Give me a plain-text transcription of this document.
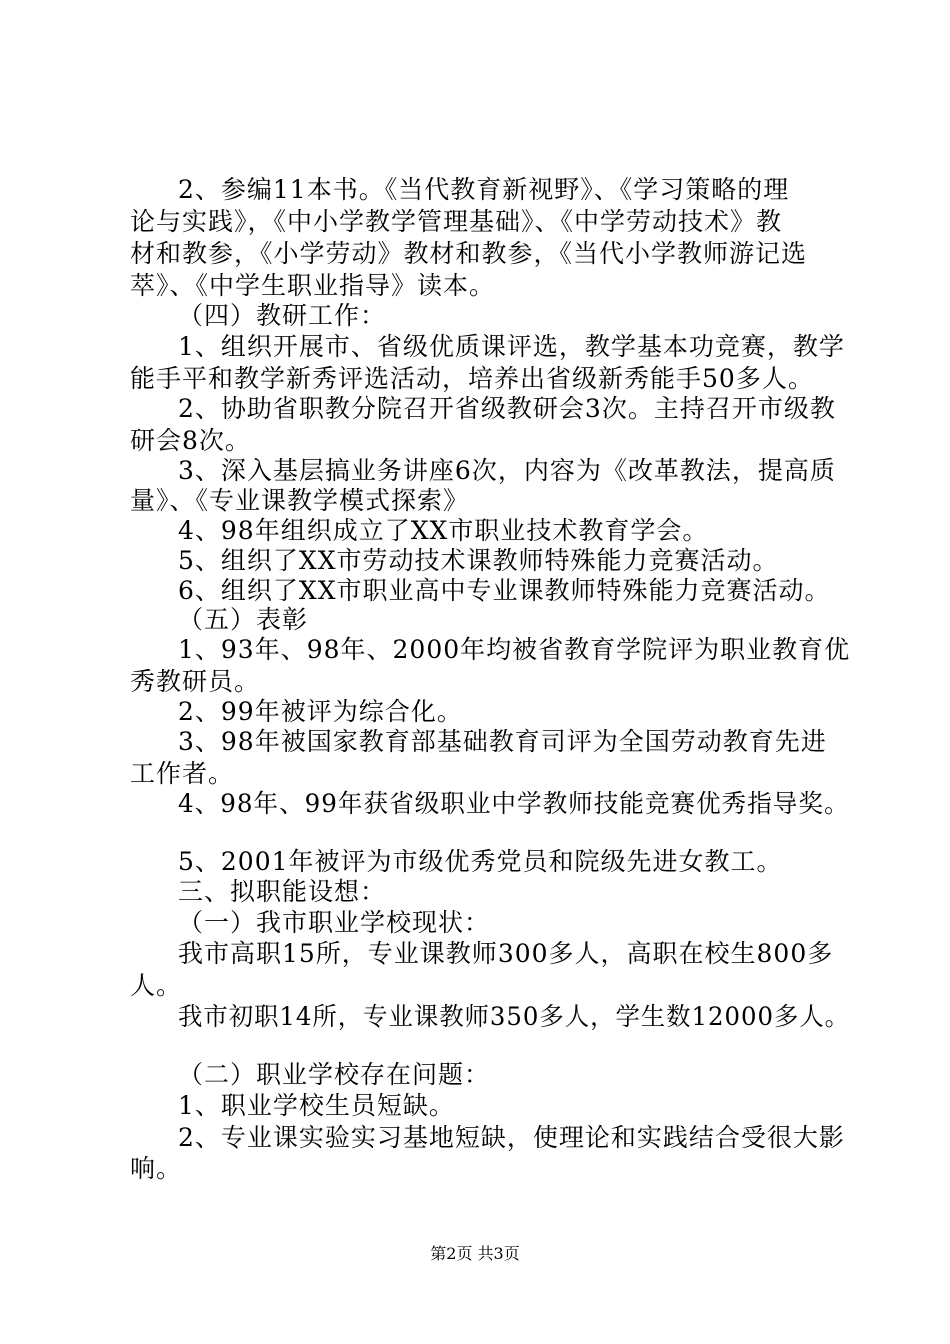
2、参编11本书。《当代教育新视野》、《学习策略的理
论与实践》，《中小学教学管理基础》、《中学劳动技术》教
材和教参，《小学劳动》教材和教参，《当代小学教师游记选
萃》、《中学生职业指导》读本。
（四）教研工作：
1、组织开展市、省级优质课评选，教学基本功竞赛，教学
能手平和教学新秀评选活动，培养出省级新秀能手50多人。
2、协助省职教分院召开省级教研会3次。主持召开市级教
研会8次。
3、深入基层搞业务讲座6次，内容为《改革教法，提高质
量》、《专业课教学模式探索》
4、98年组织成立了XX市职业技术教育学会。
5、组织了XX市劳动技术课教师特殊能力竞赛活动。
6、组织了XX市职业高中专业课教师特殊能力竞赛活动。
（五）表彰
1、93年、98年、2000年均被省教育学院评为职业教育优
秀教研员。
2、99年被评为综合化。
3、98年被国家教育部基础教育司评为全国劳动教育先进
工作者。
4、98年、99年获省级职业中学教师技能竞赛优秀指导奖。
5、2001年被评为市级优秀党员和院级先进女教工。
三、拟职能设想：
（一）我市职业学校现状：
我市高职15所，专业课教师300多人，高职在校生800多
人。
我市初职14所，专业课教师350多人，学生数12000多人。
（二）职业学校存在问题：
1、职业学校生员短缺。
2、专业课实验实习基地短缺，使理论和实践结合受很大影
响。
第2页 共3页
